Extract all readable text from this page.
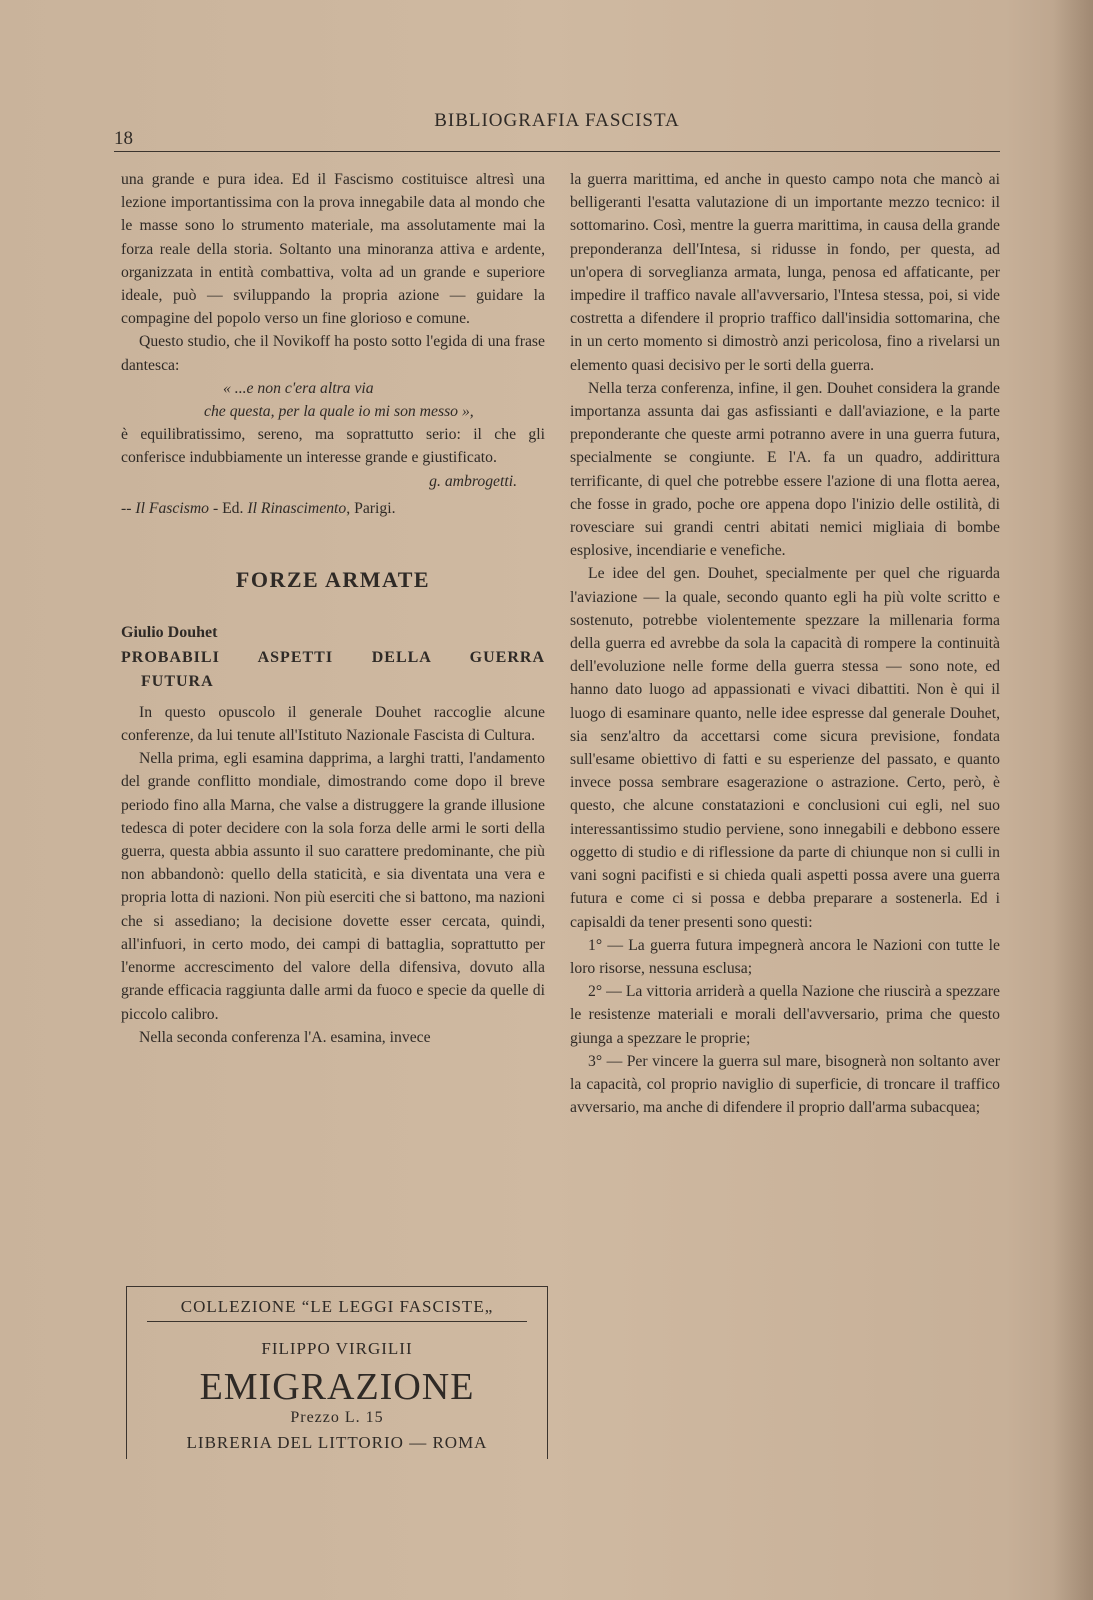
18
BIBLIOGRAFIA FASCISTA

una grande e pura idea. Ed il Fascismo costituisce altresì una lezione importantissima con la prova innegabile data al mondo che le masse sono lo strumento materiale, ma assolutamente mai la forza reale della storia. Soltanto una minoranza attiva e ardente, organizzata in entità combattiva, volta ad un grande e superiore ideale, può — sviluppando la propria azione — guidare la compagine del popolo verso un fine glorioso e comune.

Questo studio, che il Novikoff ha posto sotto l'egida di una frase dantesca:

« ...e non c'era altra via

che questa, per la quale io mi son messo »,

è equilibratissimo, sereno, ma soprattutto serio: il che gli conferisce indubbiamente un interesse grande e giustificato.

g. ambrogetti.

-- Il Fascismo - Ed. Il Rinascimento, Parigi.

FORZE ARMATE

Giulio Douhet

PROBABILI ASPETTI DELLA GUERRA

FUTURA

In questo opuscolo il generale Douhet raccoglie alcune conferenze, da lui tenute all'Istituto Nazionale Fascista di Cultura.

Nella prima, egli esamina dapprima, a larghi tratti, l'andamento del grande conflitto mondiale, dimostrando come dopo il breve periodo fino alla Marna, che valse a distruggere la grande illusione tedesca di poter decidere con la sola forza delle armi le sorti della guerra, questa abbia assunto il suo carattere predominante, che più non abbandonò: quello della staticità, e sia diventata una vera e propria lotta di nazioni. Non più eserciti che si battono, ma nazioni che si assediano; la decisione dovette esser cercata, quindi, all'infuori, in certo modo, dei campi di battaglia, soprattutto per l'enorme accrescimento del valore della difensiva, dovuto alla grande efficacia raggiunta dalle armi da fuoco e specie da quelle di piccolo calibro.

Nella seconda conferenza l'A. esamina, invece

COLLEZIONE “LE LEGGI FASCISTE„
FILIPPO VIRGILII
EMIGRAZIONE
Prezzo L. 15
LIBRERIA DEL LITTORIO — ROMA

la guerra marittima, ed anche in questo campo nota che mancò ai belligeranti l'esatta valutazione di un importante mezzo tecnico: il sottomarino. Così, mentre la guerra marittima, in causa della grande preponderanza dell'Intesa, si ridusse in fondo, per questa, ad un'opera di sorveglianza armata, lunga, penosa ed affaticante, per impedire il traffico navale all'avversario, l'Intesa stessa, poi, si vide costretta a difendere il proprio traffico dall'insidia sottomarina, che in un certo momento si dimostrò anzi pericolosa, fino a rivelarsi un elemento quasi decisivo per le sorti della guerra.

Nella terza conferenza, infine, il gen. Douhet considera la grande importanza assunta dai gas asfissianti e dall'aviazione, e la parte preponderante che queste armi potranno avere in una guerra futura, specialmente se congiunte. E l'A. fa un quadro, addirittura terrificante, di quel che potrebbe essere l'azione di una flotta aerea, che fosse in grado, poche ore appena dopo l'inizio delle ostilità, di rovesciare sui grandi centri abitati nemici migliaia di bombe esplosive, incendiarie e venefiche.

Le idee del gen. Douhet, specialmente per quel che riguarda l'aviazione — la quale, secondo quanto egli ha più volte scritto e sostenuto, potrebbe violentemente spezzare la millenaria forma della guerra ed avrebbe da sola la capacità di rompere la continuità dell'evoluzione nelle forme della guerra stessa — sono note, ed hanno dato luogo ad appassionati e vivaci dibattiti. Non è qui il luogo di esaminare quanto, nelle idee espresse dal generale Douhet, sia senz'altro da accettarsi come sicura previsione, fondata sull'esame obiettivo di fatti e su esperienze del passato, e quanto invece possa sembrare esagerazione o astrazione. Certo, però, è questo, che alcune constatazioni e conclusioni cui egli, nel suo interessantissimo studio perviene, sono innegabili e debbono essere oggetto di studio e di riflessione da parte di chiunque non si culli in vani sogni pacifisti e si chieda quali aspetti possa avere una guerra futura e come ci si possa e debba preparare a sostenerla. Ed i capisaldi da tener presenti sono questi:

1° — La guerra futura impegnerà ancora le Nazioni con tutte le loro risorse, nessuna esclusa;

2° — La vittoria arriderà a quella Nazione che riuscirà a spezzare le resistenze materiali e morali dell'avversario, prima che questo giunga a spezzare le proprie;

3° — Per vincere la guerra sul mare, bisognerà non soltanto aver la capacità, col proprio naviglio di superficie, di troncare il traffico avversario, ma anche di difendere il proprio dall'arma subacquea;
